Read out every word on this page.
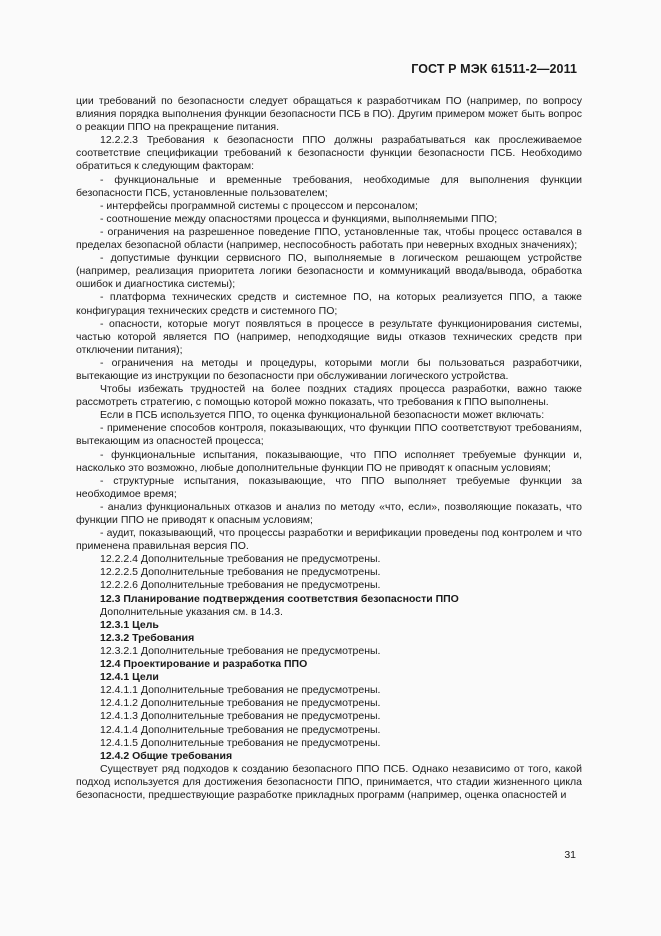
ГОСТ Р МЭК 61511-2—2011

ции требований по безопасности следует обращаться к разработчикам ПО (например, по вопросу влияния порядка выполнения функции безопасности ПСБ в ПО). Другим примером может быть вопрос о реакции ППО на прекращение питания.

12.2.2.3 Требования к безопасности ППО должны разрабатываться как прослеживаемое соответствие спецификации требований к безопасности функции безопасности ПСБ. Необходимо обратиться к следующим факторам:

- функциональные и временные требования, необходимые для выполнения функции безопасности ПСБ, установленные пользователем;

- интерфейсы программной системы с процессом и персоналом;

- соотношение между опасностями процесса и функциями, выполняемыми ППО;

- ограничения на разрешенное поведение ППО, установленные так, чтобы процесс оставался в пределах безопасной области (например, неспособность работать при неверных входных значениях);

- допустимые функции сервисного ПО, выполняемые в логическом решающем устройстве (например, реализация приоритета логики безопасности и коммуникаций ввода/вывода, обработка ошибок и диагностика системы);

- платформа технических средств и системное ПО, на которых реализуется ППО, а также конфигурация технических средств и системного ПО;

- опасности, которые могут появляться в процессе в результате функционирования системы, частью которой является ПО (например, неподходящие виды отказов технических средств при отключении питания);

- ограничения на методы и процедуры, которыми могли бы пользоваться разработчики, вытекающие из инструкции по безопасности при обслуживании логического устройства.

Чтобы избежать трудностей на более поздних стадиях процесса разработки, важно также рассмотреть стратегию, с помощью которой можно показать, что требования к ППО выполнены.

Если в ПСБ используется ППО, то оценка функциональной безопасности может включать:

- применение способов контроля, показывающих, что функции ППО соответствуют требованиям, вытекающим из опасностей процесса;

- функциональные испытания, показывающие, что ППО исполняет требуемые функции и, насколько это возможно, любые дополнительные функции ПО не приводят к опасным условиям;

- структурные испытания, показывающие, что ППО выполняет требуемые функции за необходимое время;

- анализ функциональных отказов и анализ по методу «что, если», позволяющие показать, что функции ППО не приводят к опасным условиям;

- аудит, показывающий, что процессы разработки и верификации проведены под контролем и что применена правильная версия ПО.

12.2.2.4 Дополнительные требования не предусмотрены.

12.2.2.5 Дополнительные требования не предусмотрены.

12.2.2.6 Дополнительные требования не предусмотрены.

12.3 Планирование подтверждения соответствия безопасности ППО

Дополнительные указания см. в 14.3.

12.3.1 Цель

12.3.2 Требования

12.3.2.1 Дополнительные требования не предусмотрены.

12.4 Проектирование и разработка ППО

12.4.1 Цели

12.4.1.1 Дополнительные требования не предусмотрены.

12.4.1.2 Дополнительные требования не предусмотрены.

12.4.1.3 Дополнительные требования не предусмотрены.

12.4.1.4 Дополнительные требования не предусмотрены.

12.4.1.5 Дополнительные требования не предусмотрены.

12.4.2 Общие требования

Существует ряд подходов к созданию безопасного ППО ПСБ. Однако независимо от того, какой подход используется для достижения безопасности ППО, принимается, что стадии жизненного цикла безопасности, предшествующие разработке прикладных программ (например, оценка опасностей и

31
